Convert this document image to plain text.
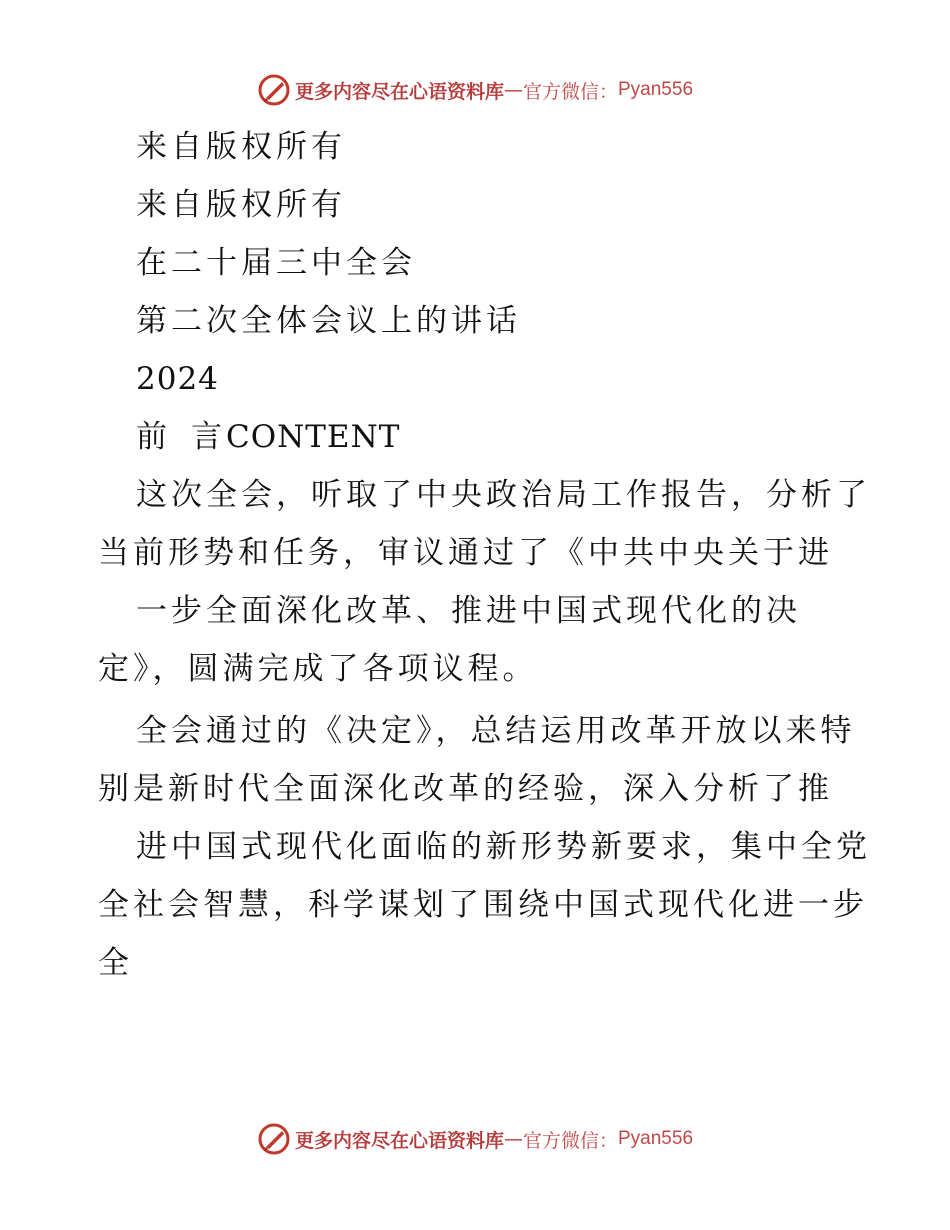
更多内容尽在心语资料库 — 官方微信： Pyan556
来自版权所有
来自版权所有
在二十届三中全会
第二次全体会议上的讲话
2024
前 言CONTENT
这次全会，听取了中央政治局工作报告，分析了
当前形势和任务，审议通过了《中共中央关于进
一步全面深化改革、推进中国式现代化的决
定》，圆满完成了各项议程。
全会通过的《决定》，总结运用改革开放以来特
别是新时代全面深化改革的经验，深入分析了推
进中国式现代化面临的新形势新要求，集中全党
全社会智慧，科学谋划了围绕中国式现代化进一步
全
更多内容尽在心语资料库 — 官方微信： Pyan556
